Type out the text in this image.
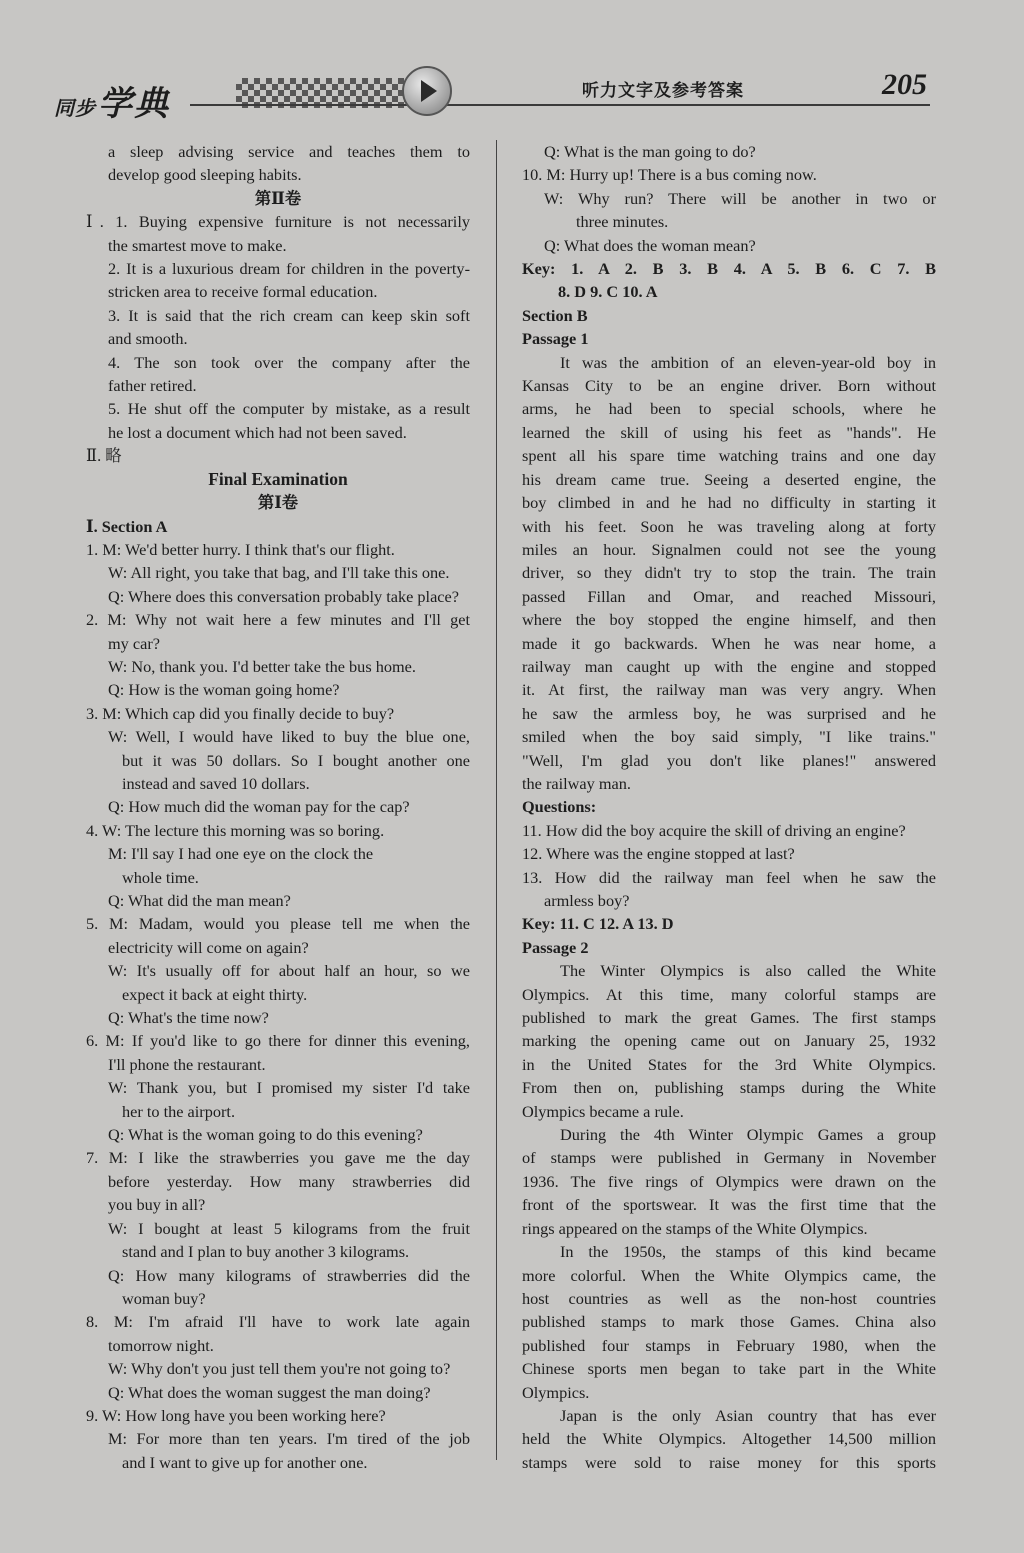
同步学典	听力文字及参考答案	205
a sleep advising service and teaches them to
develop good sleeping habits.
第Ⅱ卷
Ⅰ. 1. Buying expensive furniture is not necessarily
the smartest move to make.
2. It is a luxurious dream for children in the poverty-
stricken area to receive formal education.
3. It is said that the rich cream can keep skin soft
and smooth.
4. The son took over the company after the
father retired.
5. He shut off the computer by mistake, as a result
he lost a document which had not been saved.
Ⅱ. 略
Final Examination
第Ⅰ卷
Ⅰ. Section A
1. M: We'd better hurry. I think that's our flight.
W: All right, you take that bag, and I'll take this one.
Q: Where does this conversation probably take place?
2. M: Why not wait here a few minutes and I'll get
my car?
W: No, thank you. I'd better take the bus home.
Q: How is the woman going home?
3. M: Which cap did you finally decide to buy?
W: Well, I would have liked to buy the blue one,
but it was 50 dollars. So I bought another one
instead and saved 10 dollars.
Q: How much did the woman pay for the cap?
4. W: The lecture this morning was so boring.
M: I'll say I had one eye on the clock the
whole time.
Q: What did the man mean?
5. M: Madam, would you please tell me when the
electricity will come on again?
W: It's usually off for about half an hour, so we
expect it back at eight thirty.
Q: What's the time now?
6. M: If you'd like to go there for dinner this evening,
I'll phone the restaurant.
W: Thank you, but I promised my sister I'd take
her to the airport.
Q: What is the woman going to do this evening?
7. M: I like the strawberries you gave me the day
before yesterday. How many strawberries did
you buy in all?
W: I bought at least 5 kilograms from the fruit
stand and I plan to buy another 3 kilograms.
Q: How many kilograms of strawberries did the
woman buy?
8. M: I'm afraid I'll have to work late again
tomorrow night.
W: Why don't you just tell them you're not going to?
Q: What does the woman suggest the man doing?
9. W: How long have you been working here?
M: For more than ten years. I'm tired of the job
and I want to give up for another one.
Q: What is the man going to do?
10. M: Hurry up! There is a bus coming now.
W: Why run? There will be another in two or
three minutes.
Q: What does the woman mean?
Key: 1. A 2. B 3. B 4. A 5. B 6. C 7. B
8. D 9. C 10. A
Section B
Passage 1
It was the ambition of an eleven-year-old boy in
Kansas City to be an engine driver. Born without
arms, he had been to special schools, where he
learned the skill of using his feet as "hands". He
spent all his spare time watching trains and one day
his dream came true. Seeing a deserted engine, the
boy climbed in and he had no difficulty in starting it
with his feet. Soon he was traveling along at forty
miles an hour. Signalmen could not see the young
driver, so they didn't try to stop the train. The train
passed Fillan and Omar, and reached Missouri,
where the boy stopped the engine himself, and then
made it go backwards. When he was near home, a
railway man caught up with the engine and stopped
it. At first, the railway man was very angry. When
he saw the armless boy, he was surprised and he
smiled when the boy said simply, "I like trains."
"Well, I'm glad you don't like planes!" answered
the railway man.
Questions:
11. How did the boy acquire the skill of driving an engine?
12. Where was the engine stopped at last?
13. How did the railway man feel when he saw the
armless boy?
Key: 11. C 12. A 13. D
Passage 2
The Winter Olympics is also called the White
Olympics. At this time, many colorful stamps are
published to mark the great Games. The first stamps
marking the opening came out on January 25, 1932
in the United States for the 3rd White Olympics.
From then on, publishing stamps during the White
Olympics became a rule.
During the 4th Winter Olympic Games a group
of stamps were published in Germany in November
1936. The five rings of Olympics were drawn on the
front of the sportswear. It was the first time that the
rings appeared on the stamps of the White Olympics.
In the 1950s, the stamps of this kind became
more colorful. When the White Olympics came, the
host countries as well as the non-host countries
published stamps to mark those Games. China also
published four stamps in February 1980, when the
Chinese sports men began to take part in the White
Olympics.
Japan is the only Asian country that has ever
held the White Olympics. Altogether 14,500 million
stamps were sold to raise money for this sports
